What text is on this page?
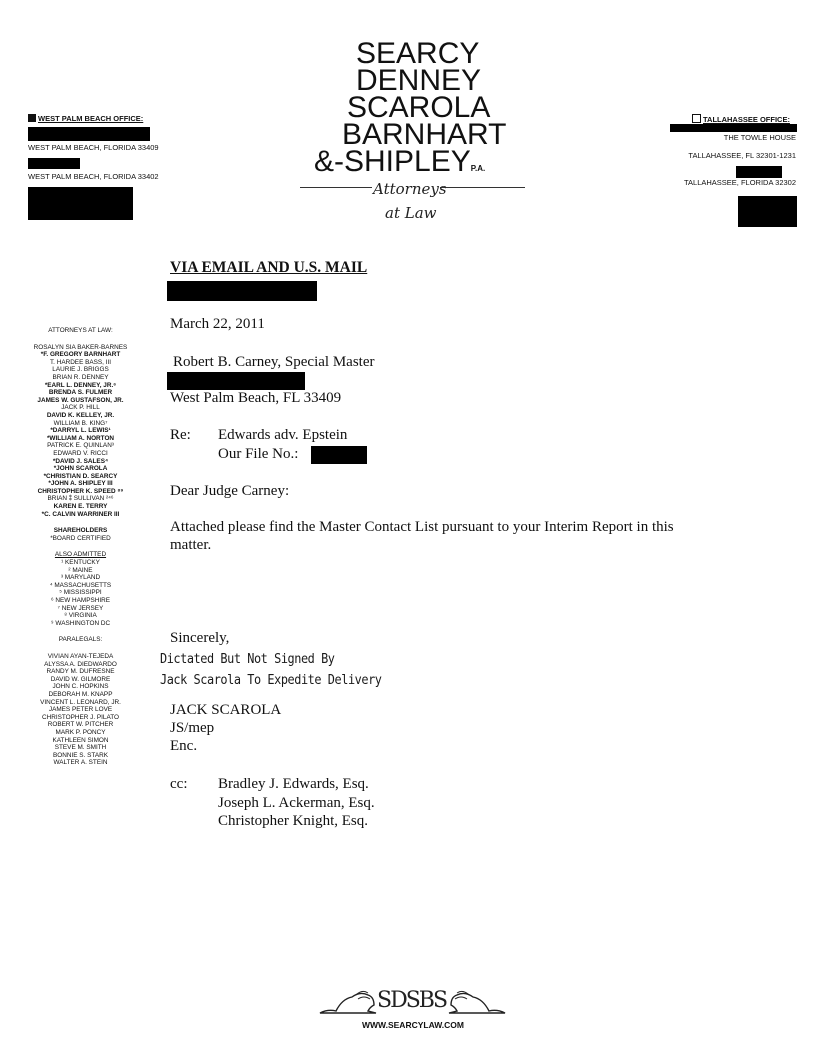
WEST PALM BEACH OFFICE:
WEST PALM BEACH, FLORIDA 33409
WEST PALM BEACH, FLORIDA 33402
SEARCY
DENNEY
SCAROLA
BARNHART
&-SHIPLEYP.A.
Attorneys
at Law
TALLAHASSEE OFFICE:
THE TOWLE HOUSE
TALLAHASSEE, FL 32301-1231
TALLAHASSEE, FLORIDA 32302
ATTORNEYS AT LAW:
ROSALYN SIA BAKER-BARNES
*F. GREGORY BARNHART
T. HARDEE BASS, III
LAURIE J. BRIGGS
BRIAN R. DENNEY
*EARL L. DENNEY, JR.⁶
BRENDA S. FULMER
JAMES W. GUSTAFSON, JR.
JACK P. HILL
DAVID K. KELLEY, JR.
WILLIAM B. KING⁷
*DARRYL L. LEWIS¹
*WILLIAM A. NORTON
PATRICK E. QUINLAN³
EDWARD V. RICCI
*DAVID J. SALES⁴
*JOHN SCAROLA
*CHRISTIAN D. SEARCY
*JOHN A. SHIPLEY III
CHRISTOPHER K. SPEED ⁸⁹
BRIAN ⁑ SULLIVAN ²⁴⁶
KAREN E. TERRY
*C. CALVIN WARRINER III
SHAREHOLDERS
*BOARD CERTIFIED
ALSO ADMITTED
¹ KENTUCKY
² MAINE
³ MARYLAND
⁴ MASSACHUSETTS
⁵ MISSISSIPPI
⁶ NEW HAMPSHIRE
⁷ NEW JERSEY
⁸ VIRGINIA
⁹ WASHINGTON DC
PARALEGALS:
VIVIAN AYAN-TEJEDA
ALYSSA A. DIEDWARDO
RANDY M. DUFRESNE
DAVID W. GILMORE
JOHN C. HOPKINS
DEBORAH M. KNAPP
VINCENT L. LEONARD, JR.
JAMES PETER LOVE
CHRISTOPHER J. PILATO
ROBERT W. PITCHER
MARK P. PONCY
KATHLEEN SIMON
STEVE M. SMITH
BONNIE S. STARK
WALTER A. STEIN
VIA EMAIL AND U.S. MAIL
March 22, 2011
Robert B. Carney, Special Master
West Palm Beach, FL 33409
Re: Edwards adv. Epstein
Our File No.:
Dear Judge Carney:
Attached please find the Master Contact List pursuant to your Interim Report in this
matter.
Sincerely,
Dictated But Not Signed By
Jack Scarola To Expedite Delivery
JACK SCAROLA
JS/mep
Enc.
cc: Bradley J. Edwards, Esq.
Joseph L. Ackerman, Esq.
Christopher Knight, Esq.
SDSBS
WWW.SEARCYLAW.COM
